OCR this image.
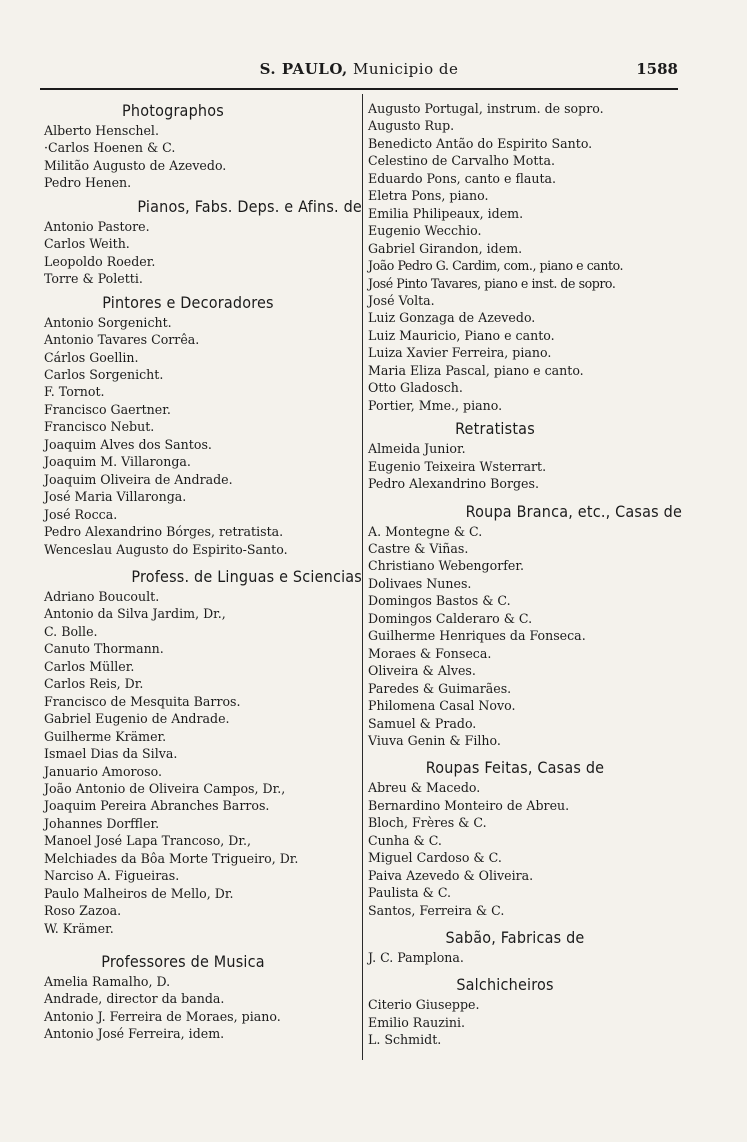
S. PAULO, Municipio de	1588
Photographos
Alberto Henschel.
·Carlos Hoenen & C.
Militão Augusto de Azevedo.
Pedro Henen.
Pianos, Fabs. Deps. e Afins. de
Antonio Pastore.
Carlos Weith.
Leopoldo Roeder.
Torre & Poletti.
Pintores e Decoradores
Antonio Sorgenicht.
Antonio Tavares Corrêa.
Cárlos Goellin.
Carlos Sorgenicht.
F. Tornot.
Francisco Gaertner.
Francisco Nebut.
Joaquim Alves dos Santos.
Joaquim M. Villaronga.
Joaquim Oliveira de Andrade.
José Maria Villaronga.
José Rocca.
Pedro Alexandrino Bórges, retratista.
Wenceslau Augusto do Espirito-Santo.
Profess. de Linguas e Sciencias
Adriano Boucoult.
Antonio da Silva Jardim, Dr.,
C. Bolle.
Canuto Thormann.
Carlos Müller.
Carlos Reis, Dr.
Francisco de Mesquita Barros.
Gabriel Eugenio de Andrade.
Guilherme Krämer.
Ismael Dias da Silva.
Januario Amoroso.
João Antonio de Oliveira Campos, Dr.,
Joaquim Pereira Abranches Barros.
Johannes Dorffler.
Manoel José Lapa Trancoso, Dr.,
Melchiades da Bôa Morte Trigueiro, Dr.
Narciso A. Figueiras.
Paulo Malheiros de Mello, Dr.
Roso Zazoa.
W. Krämer.
Professores de Musica
Amelia Ramalho, D.
Andrade, director da banda.
Antonio J. Ferreira de Moraes, piano.
Antonio José Ferreira, idem.
Augusto Portugal, instrum. de sopro.
Augusto Rup.
Benedicto Antão do Espirito Santo.
Celestino de Carvalho Motta.
Eduardo Pons, canto e flauta.
Eletra Pons, piano.
Emilia Philipeaux, idem.
Eugenio Wecchio.
Gabriel Girandon, idem.
João Pedro G. Cardim, com., piano e canto.
José Pinto Tavares, piano e inst. de sopro.
José Volta.
Luiz Gonzaga de Azevedo.
Luiz Mauricio, Piano e canto.
Luiza Xavier Ferreira, piano.
Maria Eliza Pascal, piano e canto.
Otto Gladosch.
Portier, Mme., piano.
Retratistas
Almeida Junior.
Eugenio Teixeira Wsterrart.
Pedro Alexandrino Borges.
Roupa Branca, etc., Casas de
A. Montegne & C.
Castre & Viñas.
Christiano Webengorfer.
Dolivaes Nunes.
Domingos Bastos & C.
Domingos Calderaro & C.
Guilherme Henriques da Fonseca.
Moraes & Fonseca.
Oliveira & Alves.
Paredes & Guimarães.
Philomena Casal Novo.
Samuel & Prado.
Viuva Genin & Filho.
Roupas Feitas, Casas de
Abreu & Macedo.
Bernardino Monteiro de Abreu.
Bloch, Frères & C.
Cunha & C.
Miguel Cardoso & C.
Paiva Azevedo & Oliveira.
Paulista & C.
Santos, Ferreira & C.
Sabão, Fabricas de
J. C. Pamplona.
Salchicheiros
Citerio Giuseppe.
Emilio Rauzini.
L. Schmidt.
